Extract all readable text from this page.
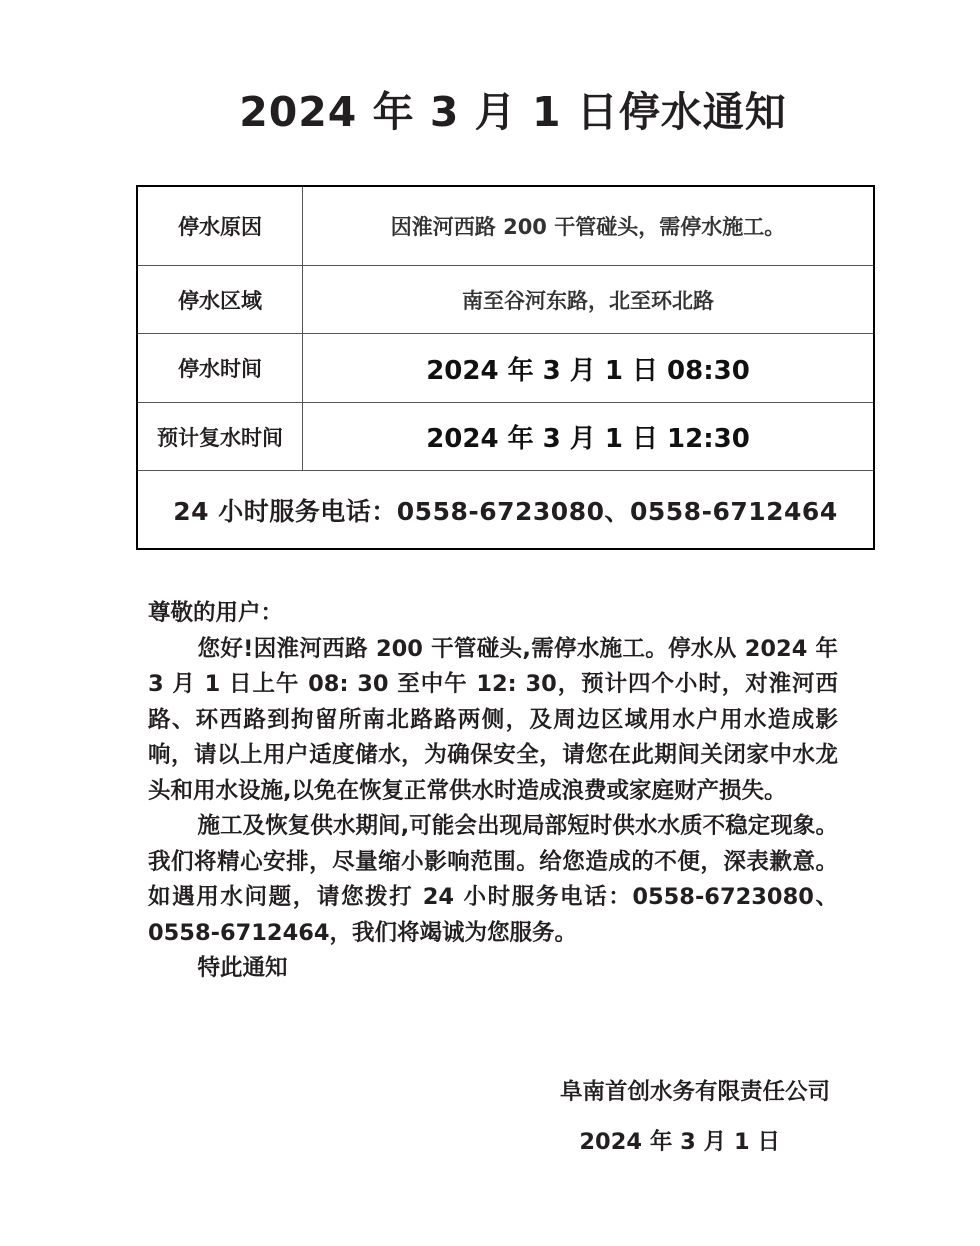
2024 年 3 月 1 日停水通知
停水原因	因淮河西路 200 干管碰头，需停水施工。
停水区域	南至谷河东路，北至环北路
停水时间	2024 年 3 月 1 日 08:30
预计复水时间	2024 年 3 月 1 日 12:30
24 小时服务电话：0558-6723080、0558-6712464

尊敬的用户：

您好!因淮河西路 200 干管碰头,需停水施工。停水从 2024 年 3 月 1 日上午 08: 30 至中午 12: 30，预计四个小时，对淮河西路、环西路到拘留所南北路路两侧，及周边区域用水户用水造成影响，请以上用户适度储水，为确保安全，请您在此期间关闭家中水龙头和用水设施,以免在恢复正常供水时造成浪费或家庭财产损失。

施工及恢复供水期间,可能会出现局部短时供水水质不稳定现象。我们将精心安排，尽量缩小影响范围。给您造成的不便，深表歉意。如遇用水问题，请您拨打 24 小时服务电话：0558-6723080、0558-6712464，我们将竭诚为您服务。

特此通知

阜南首创水务有限责任公司

2024 年 3 月 1 日
